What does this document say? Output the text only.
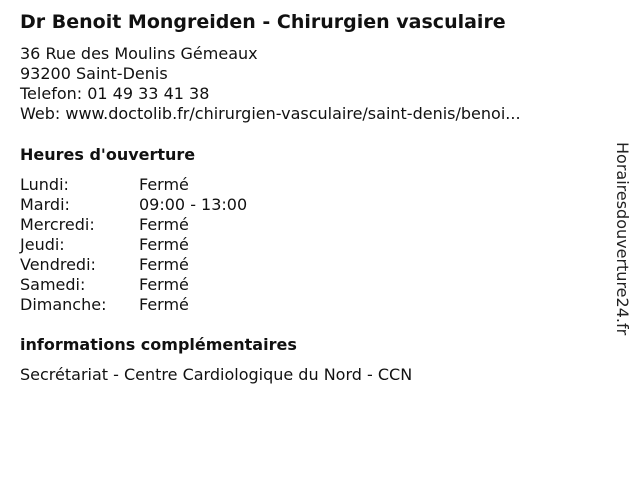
Dr Benoit Mongreiden - Chirurgien vasculaire
36 Rue des Moulins Gémeaux
93200 Saint-Denis
Telefon: 01 49 33 41 38
Web: www.doctolib.fr/chirurgien-vasculaire/saint-denis/benoi...
Heures d'ouverture
Lundi:	Fermé
Mardi:	09:00 - 13:00
Mercredi:	Fermé
Jeudi:	Fermé
Vendredi:	Fermé
Samedi:	Fermé
Dimanche:	Fermé
informations complémentaires
Secrétariat - Centre Cardiologique du Nord - CCN
Horairesdouverture24.fr
